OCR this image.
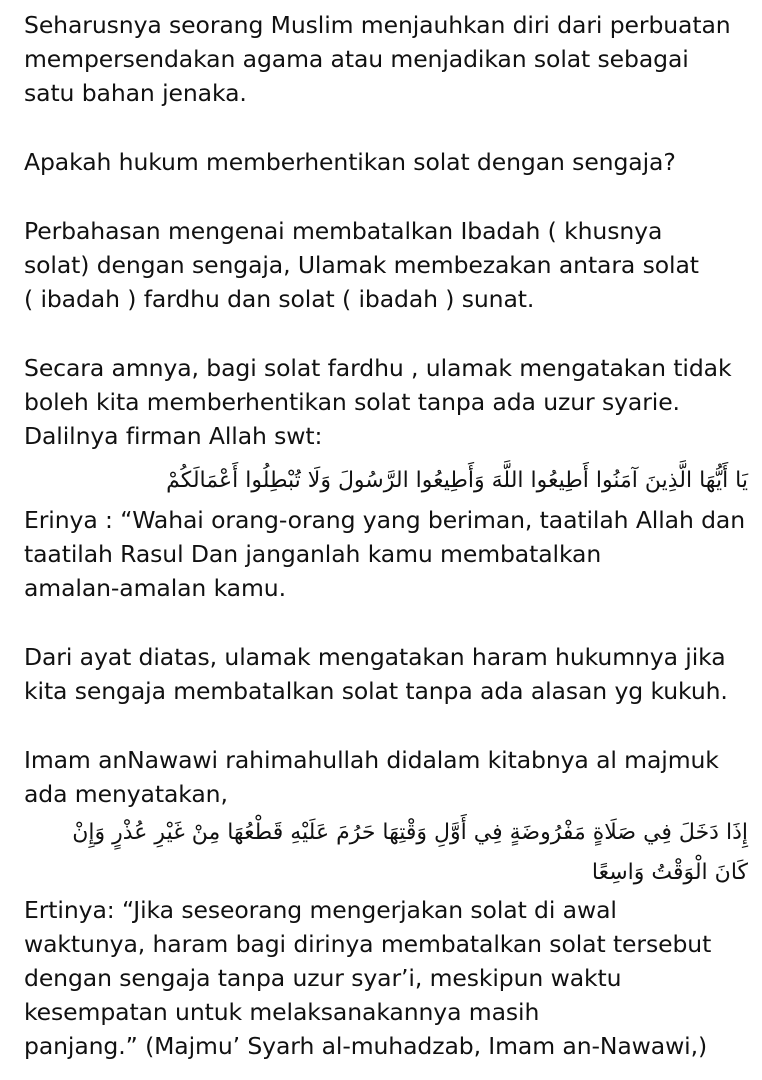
Seharusnya seorang Muslim menjauhkan diri dari perbuatan
mempersendakan agama atau menjadikan solat sebagai
satu bahan jenaka.
Apakah hukum memberhentikan solat dengan sengaja?
Perbahasan mengenai membatalkan Ibadah ( khusnya
solat) dengan sengaja, Ulamak membezakan antara solat
( ibadah ) fardhu dan solat ( ibadah ) sunat.
Secara amnya, bagi solat fardhu , ulamak mengatakan tidak
boleh kita memberhentikan solat tanpa ada uzur syarie.
Dalilnya firman Allah swt:
يَا أَيُّهَا الَّذِينَ آمَنُوا أَطِيعُوا اللَّهَ وَأَطِيعُوا الرَّسُولَ وَلَا تُبْطِلُوا أَعْمَالَكُمْ
Erinya : “Wahai orang-orang yang beriman, taatilah Allah dan
taatilah Rasul Dan janganlah kamu membatalkan
amalan-amalan kamu.
Dari ayat diatas, ulamak mengatakan haram hukumnya jika
kita sengaja membatalkan solat tanpa ada alasan yg kukuh.
Imam anNawawi rahimahullah didalam kitabnya al majmuk
ada menyatakan,
إِذَا دَخَلَ فِي صَلَاةٍ مَفْرُوضَةٍ فِي أَوَّلِ وَقْتِهَا حَرُمَ عَلَيْهِ قَطْعُهَا مِنْ غَيْرِ عُذْرٍ وَإِنْ
كَانَ الْوَقْتُ وَاسِعًا
Ertinya: “Jika seseorang mengerjakan solat di awal
waktunya, haram bagi dirinya membatalkan solat tersebut
dengan sengaja tanpa uzur syar’i, meskipun waktu
kesempatan untuk melaksanakannya masih
panjang.” (Majmu’ Syarh al-muhadzab, Imam an-Nawawi,)
